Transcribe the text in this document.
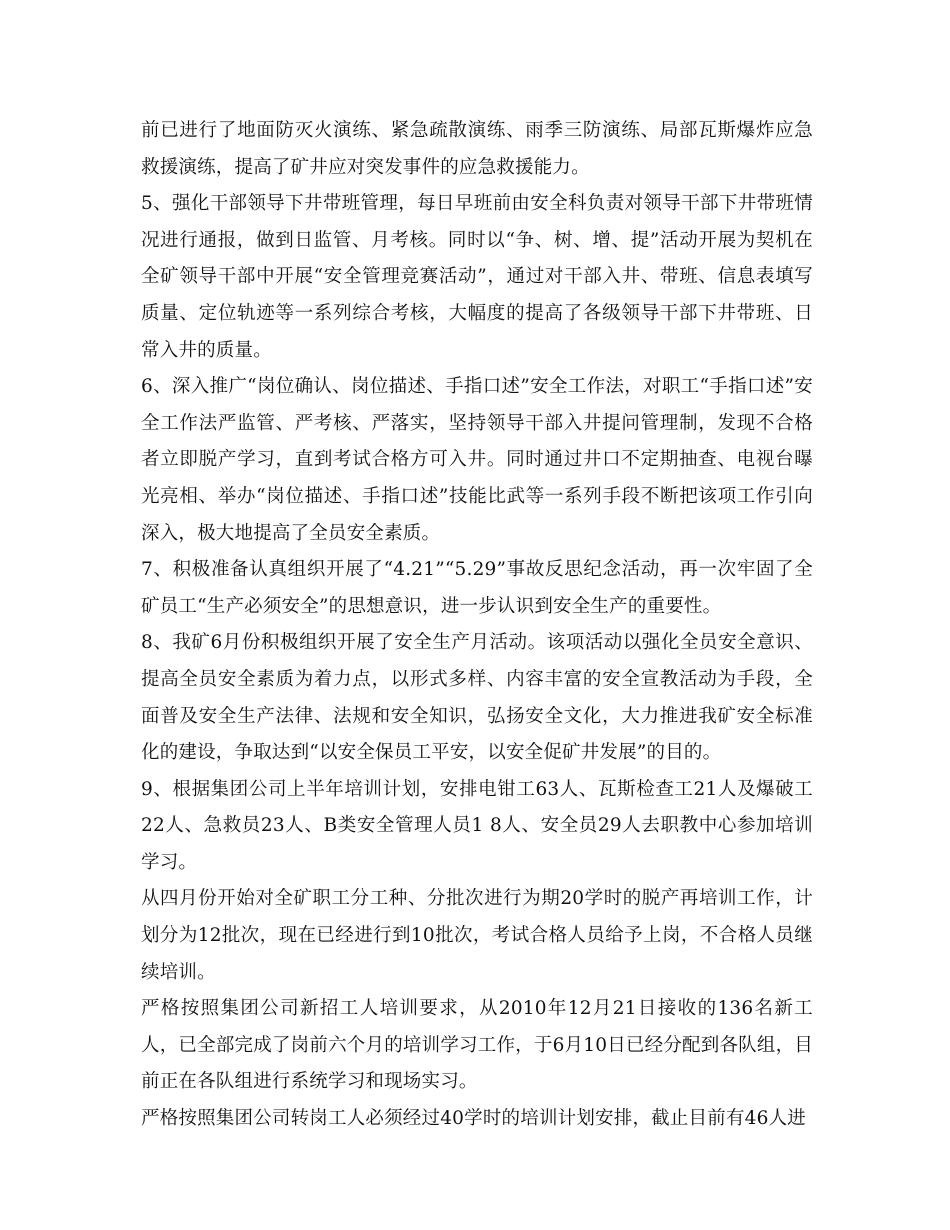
前已进行了地面防灭火演练、紧急疏散演练、雨季三防演练、局部瓦斯爆炸应急救援演练，提高了矿井应对突发事件的应急救援能力。

5、强化干部领导下井带班管理，每日早班前由安全科负责对领导干部下井带班情况进行通报，做到日监管、月考核。同时以“争、树、增、提”活动开展为契机在全矿领导干部中开展“安全管理竞赛活动”，通过对干部入井、带班、信息表填写质量、定位轨迹等一系列综合考核，大幅度的提高了各级领导干部下井带班、日常入井的质量。

6、深入推广“岗位确认、岗位描述、手指口述”安全工作法，对职工“手指口述”安全工作法严监管、严考核、严落实，坚持领导干部入井提问管理制，发现不合格者立即脱产学习，直到考试合格方可入井。同时通过井口不定期抽查、电视台曝光亮相、举办“岗位描述、手指口述”技能比武等一系列手段不断把该项工作引向深入，极大地提高了全员安全素质。

7、积极准备认真组织开展了“4.21”“5.29”事故反思纪念活动，再一次牢固了全矿员工“生产必须安全”的思想意识，进一步认识到安全生产的重要性。

8、我矿6月份积极组织开展了安全生产月活动。该项活动以强化全员安全意识、提高全员安全素质为着力点，以形式多样、内容丰富的安全宣教活动为手段，全面普及安全生产法律、法规和安全知识，弘扬安全文化，大力推进我矿安全标准化的建设，争取达到“以安全保员工平安，以安全促矿井发展”的目的。

9、根据集团公司上半年培训计划，安排电钳工63人、瓦斯检查工21人及爆破工22人、急救员23人、B类安全管理人员1 8人、安全员29人去职教中心参加培训学习。

从四月份开始对全矿职工分工种、分批次进行为期20学时的脱产再培训工作，计划分为12批次，现在已经进行到10批次，考试合格人员给予上岗，不合格人员继续培训。

严格按照集团公司新招工人培训要求，从2010年12月21日接收的136名新工人，已全部完成了岗前六个月的培训学习工作，于6月10日已经分配到各队组，目前正在各队组进行系统学习和现场实习。

严格按照集团公司转岗工人必须经过40学时的培训计划安排，截止目前有46人进
